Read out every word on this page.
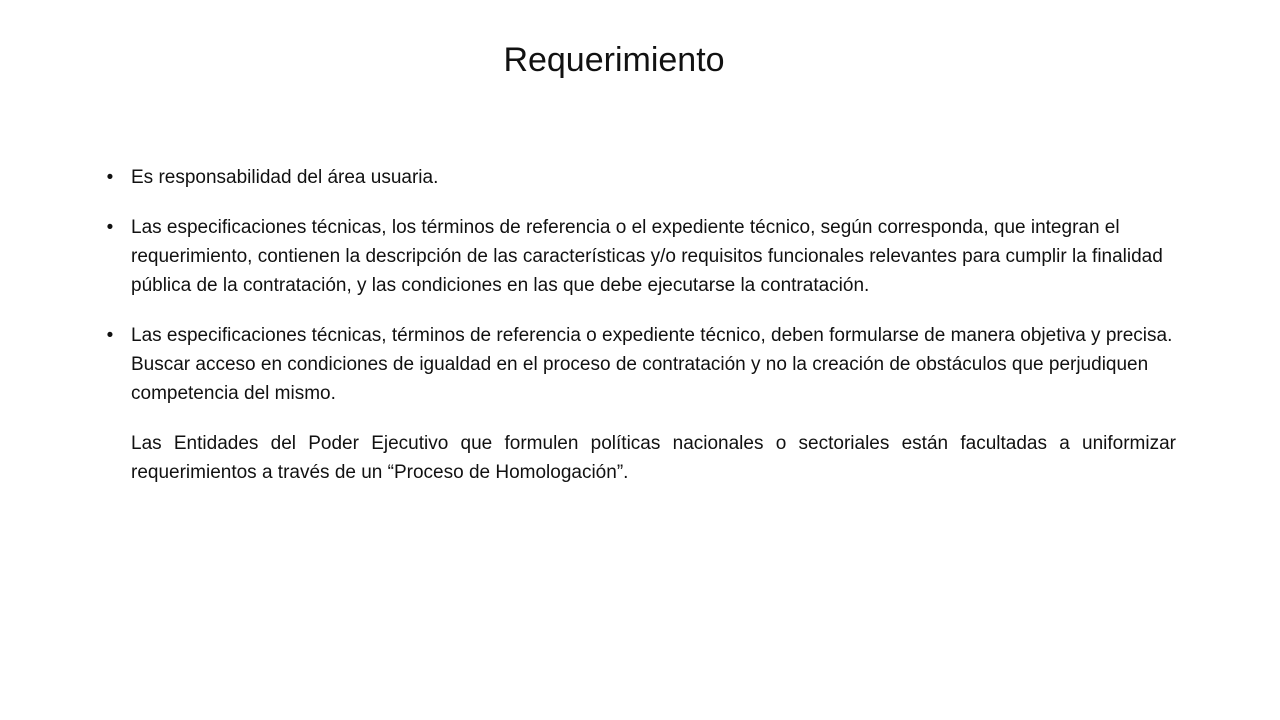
Requerimiento
• Es responsabilidad del área usuaria.
• Las especificaciones técnicas, los términos de referencia o el expediente técnico, según corresponda, que integran el requerimiento, contienen la descripción de las características y/o requisitos funcionales relevantes para cumplir la finalidad pública de la contratación, y las condiciones en las que debe ejecutarse la contratación.
• Las especificaciones técnicas, términos de referencia o expediente técnico, deben formularse de manera objetiva y precisa. Buscar acceso en condiciones de igualdad en el proceso de contratación y no la creación de obstáculos que perjudiquen competencia del mismo.

Las Entidades del Poder Ejecutivo que formulen políticas nacionales o sectoriales están facultadas a uniformizar requerimientos a través de un “Proceso de Homologación”.
